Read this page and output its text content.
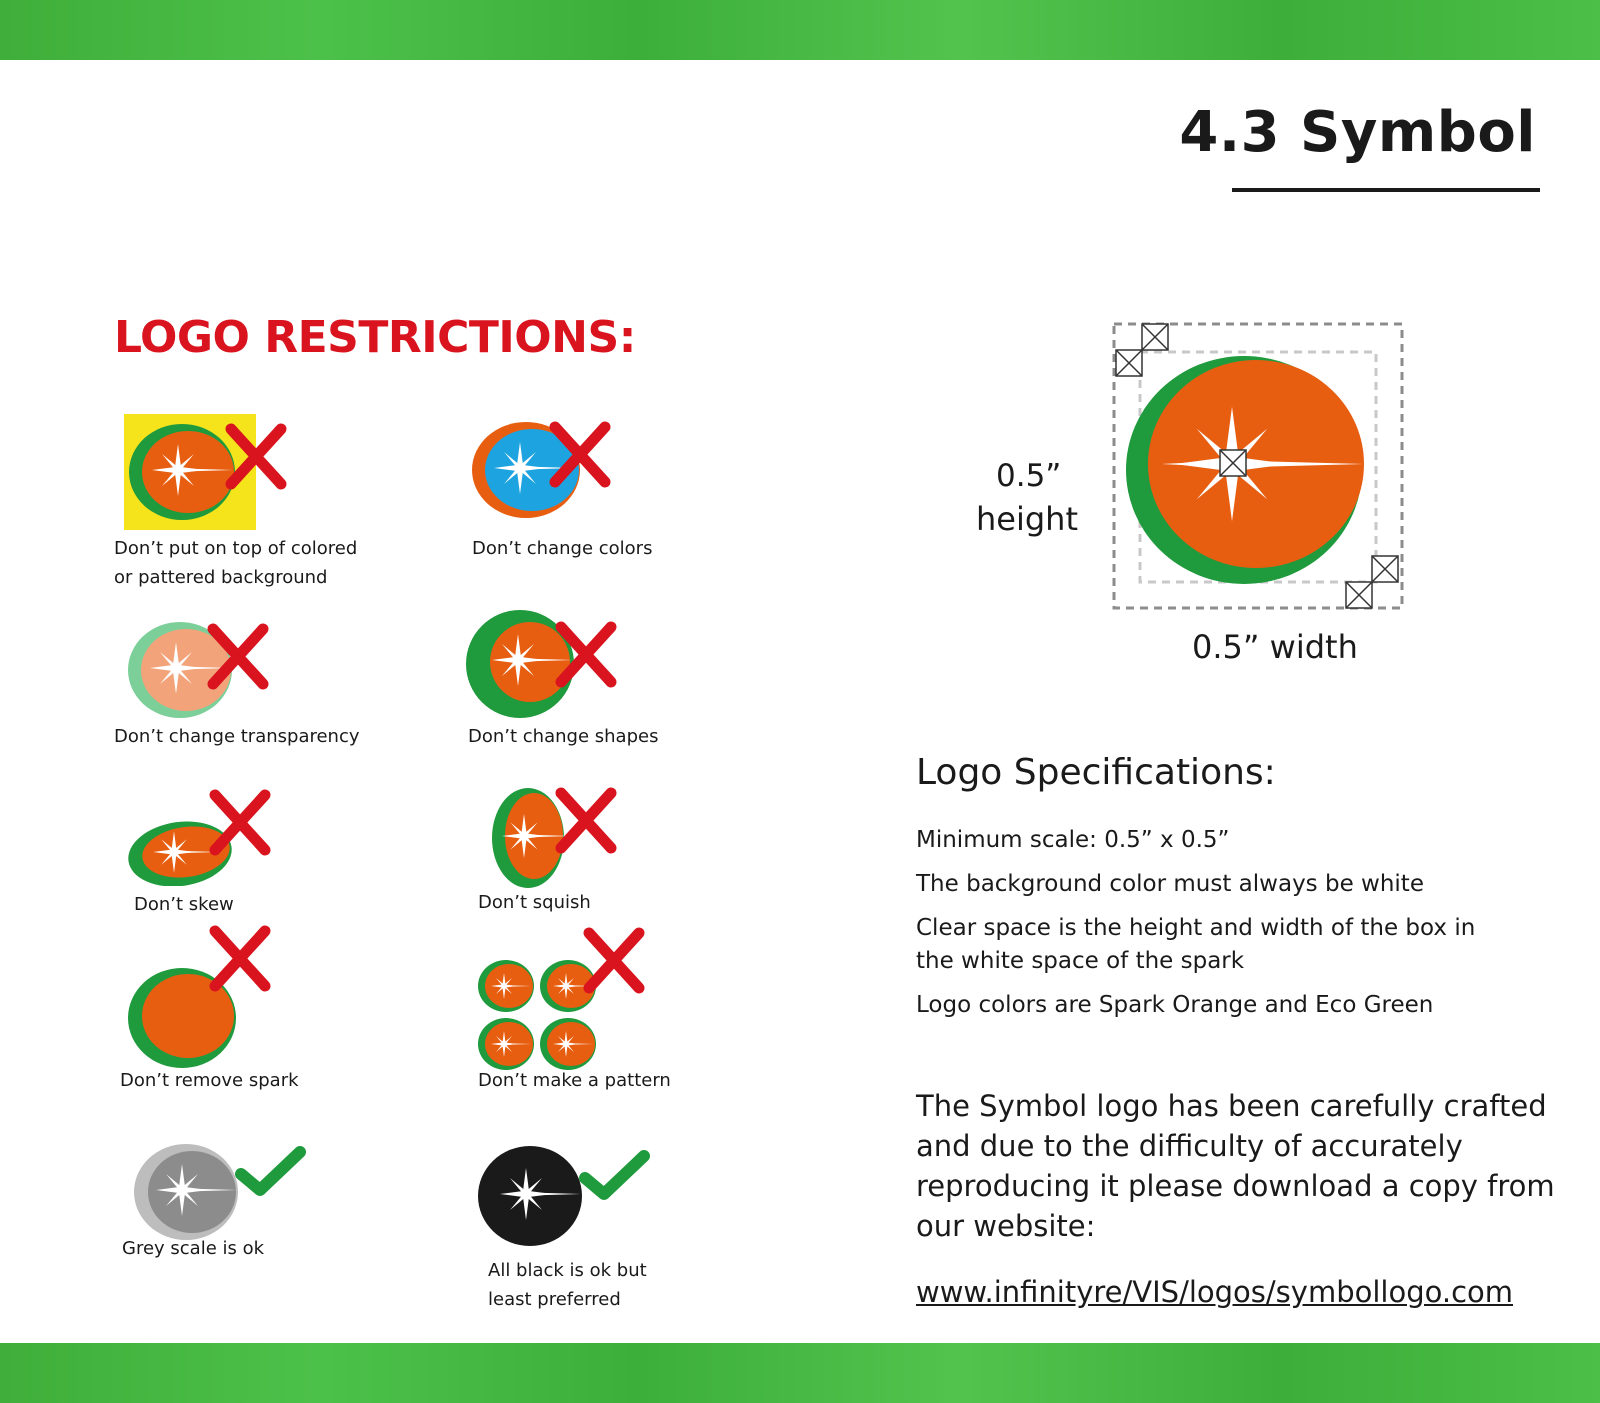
4.3 Symbol
LOGO RESTRICTIONS:
Don’t put on top of colored
or pattered background
Don’t change colors
Don’t change transparency	Don’t change shapes
Don’t skew	Don’t squish
Don’t remove spark	Don’t make a pattern
Grey scale is ok
All black is ok but
least preferred
0.5”
height
0.5” width
Logo Specifications:
Minimum scale: 0.5” x 0.5”
The background color must always be white
Clear space is the height and width of the box in the white space of the spark
Logo colors are Spark Orange and Eco Green
The Symbol logo has been carefully crafted and due to the difficulty of accurately reproducing it please download a copy from our website:
www.infinityre/VIS/logos/symbollogo.com
